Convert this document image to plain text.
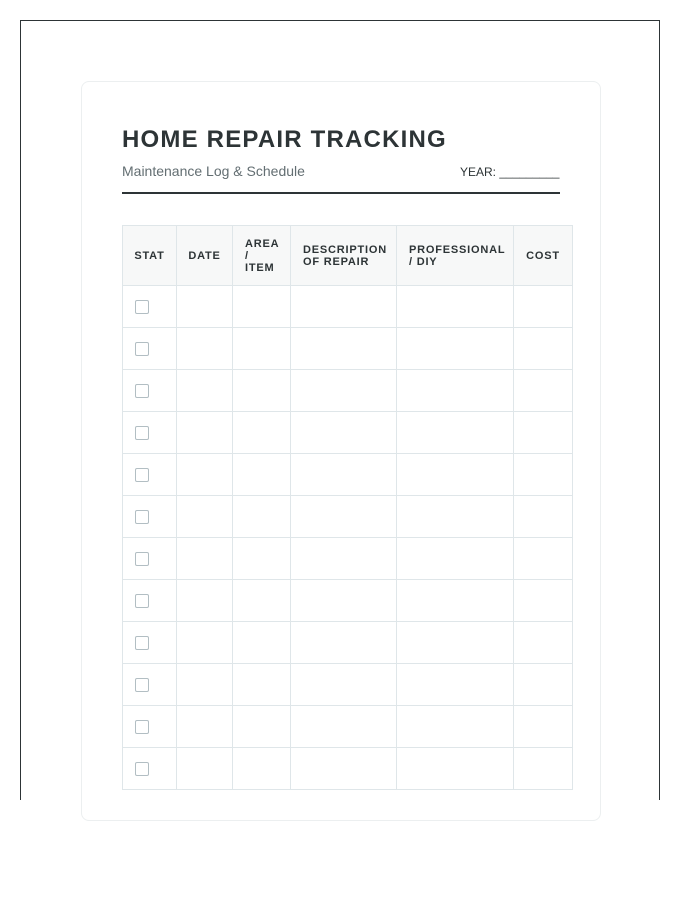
HOME REPAIR TRACKING
Maintenance Log & Schedule	YEAR: _________
STAT	DATE	AREA / ITEM	DESCRIPTION OF REPAIR	PROFESSIONAL / DIY	COST
